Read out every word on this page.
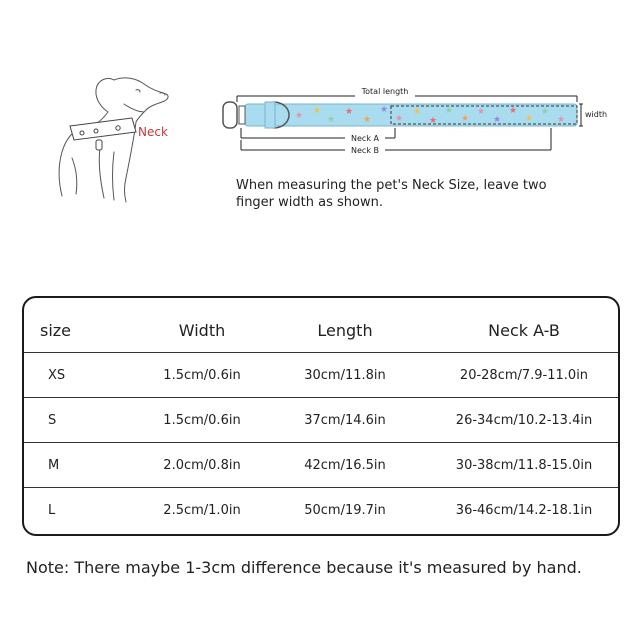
Neck
Total length
★ ★
★
★
★
★
★
★
★
★
★
★
★
★
★
★
★
width
Neck A
Neck B
When measuring the pet's Neck Size, leave two finger width as shown.
size	Width	Length	Neck A-B
XS	1.5cm/0.6in	30cm/11.8in	20-28cm/7.9-11.0in
S	1.5cm/0.6in	37cm/14.6in	26-34cm/10.2-13.4in
M	2.0cm/0.8in	42cm/16.5in	30-38cm/11.8-15.0in
L	2.5cm/1.0in	50cm/19.7in	36-46cm/14.2-18.1in
Note: There maybe 1-3cm difference because it's measured by hand.
